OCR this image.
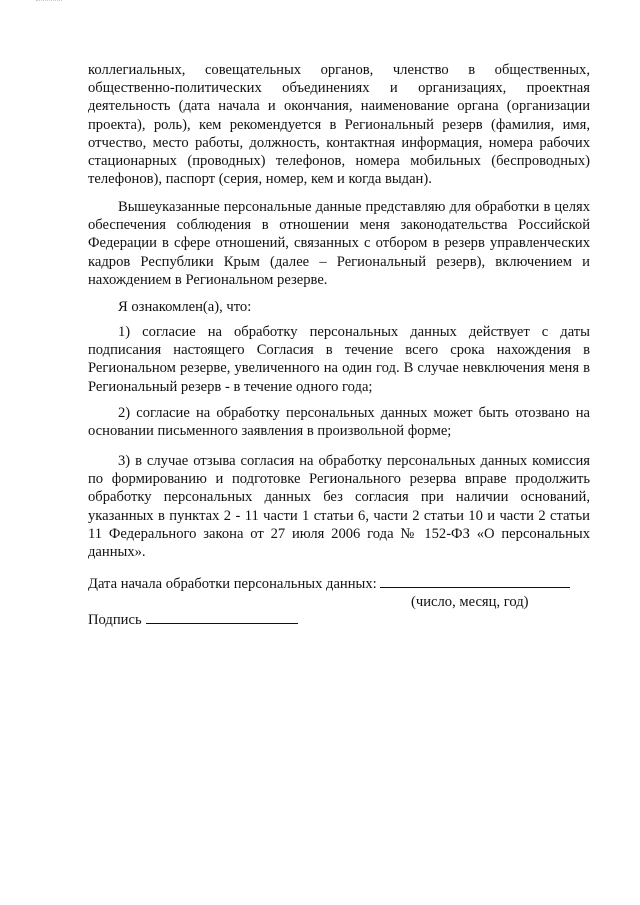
коллегиальных, совещательных органов, членство в общественных, общественно-политических объединениях и организациях, проектная деятельность (дата начала и окончания, наименование органа (организации проекта), роль), кем рекомендуется в Региональный резерв (фамилия, имя, отчество, место работы, должность, контактная информация, номера рабочих стационарных (проводных) телефонов, номера мобильных (беспроводных) телефонов), паспорт (серия, номер, кем и когда выдан).

Вышеуказанные персональные данные представляю для обработки в целях обеспечения соблюдения в отношении меня законодательства Российской Федерации в сфере отношений, связанных с отбором в резерв управленческих кадров Республики Крым (далее – Региональный резерв), включением и нахождением в Региональном резерве.

Я ознакомлен(а), что:

1) согласие на обработку персональных данных действует с даты подписания настоящего Согласия в течение всего срока нахождения в Региональном резерве, увеличенного на один год. В случае невключения меня в Региональный резерв - в течение одного года;

2) согласие на обработку персональных данных может быть отозвано на основании письменного заявления в произвольной форме;

3) в случае отзыва согласия на обработку персональных данных комиссия по формированию и подготовке Регионального резерва вправе продолжить обработку персональных данных без согласия при наличии оснований, указанных в пунктах 2 - 11 части 1 статьи 6, части 2 статьи 10 и части 2 статьи 11 Федерального закона от 27 июля 2006 года № 152-ФЗ «О персональных данных».

Дата начала обработки персональных данных:
(число, месяц, год)
Подпись
